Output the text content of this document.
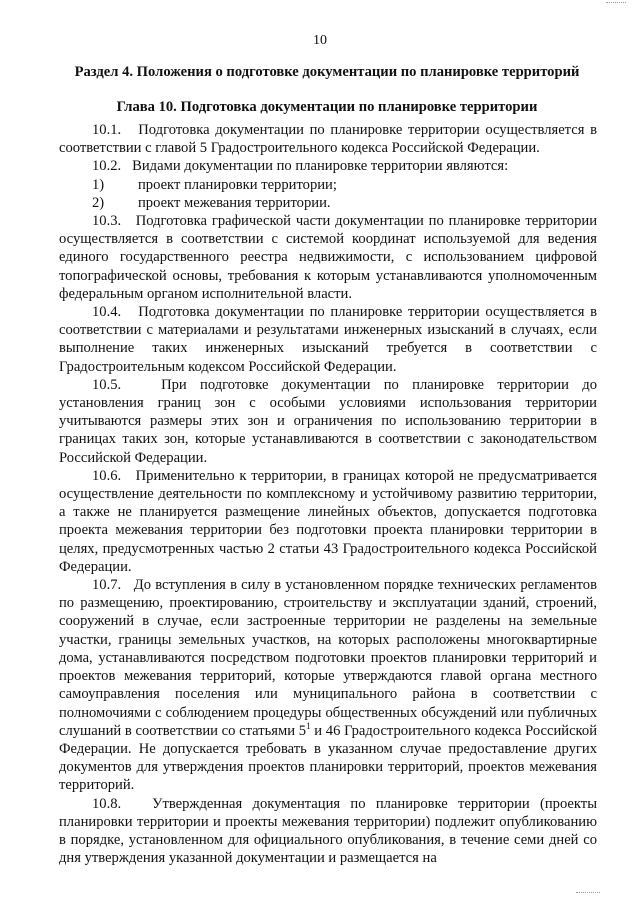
10
Раздел 4. Положения о подготовке документации по планировке территорий
Глава 10. Подготовка документации по планировке территории

10.1. Подготовка документации по планировке территории осуществляется в соответствии с главой 5 Градостроительного кодекса Российской Федерации.

10.2. Видами документации по планировке территории являются:

1)	проект планировки территории;
2)	проект межевания территории.

10.3. Подготовка графической части документации по планировке территории осуществляется в соответствии с системой координат используемой для ведения единого государственного реестра недвижимости, с использованием цифровой топографической основы, требования к которым устанавливаются уполномоченным федеральным органом исполнительной власти.

10.4. Подготовка документации по планировке территории осуществляется в соответствии с материалами и результатами инженерных изысканий в случаях, если выполнение таких инженерных изысканий требуется в соответствии с Градостроительным кодексом Российской Федерации.

10.5.	При подготовке документации по планировке территории до установления границ зон с особыми условиями использования территории учитываются размеры этих зон и ограничения по использованию территории в границах таких зон, которые устанавливаются в соответствии с законодательством Российской Федерации.

10.6. Применительно к территории, в границах которой не предусматривается осуществление деятельности по комплексному и устойчивому развитию территории, а также не планируется размещение линейных объектов, допускается подготовка проекта межевания территории без подготовки проекта планировки территории в целях, предусмотренных частью 2 статьи 43 Градостроительного кодекса Российской Федерации.

10.7. До вступления в силу в установленном порядке технических регламентов по размещению, проектированию, строительству и эксплуатации зданий, строений, сооружений в случае, если застроенные территории не разделены на земельные участки, границы земельных участков, на которых расположены многоквартирные дома, устанавливаются посредством подготовки проектов планировки территорий и проектов межевания территорий, которые утверждаются главой органа местного самоуправления поселения или муниципального района в соответствии с полномочиями с соблюдением процедуры общественных обсуждений или публичных слушаний в соответствии со статьями $5^1$ и 46 Градостроительного кодекса Российской Федерации. Не допускается требовать в указанном случае предоставление других документов для утверждения проектов планировки территорий, проектов межевания территорий.

10.8. Утвержденная документация по планировке территории (проекты планировки территории и проекты межевания территории) подлежит опубликованию в порядке, установленном для официального опубликования, в течение семи дней со дня утверждения указанной документации и размещается на
